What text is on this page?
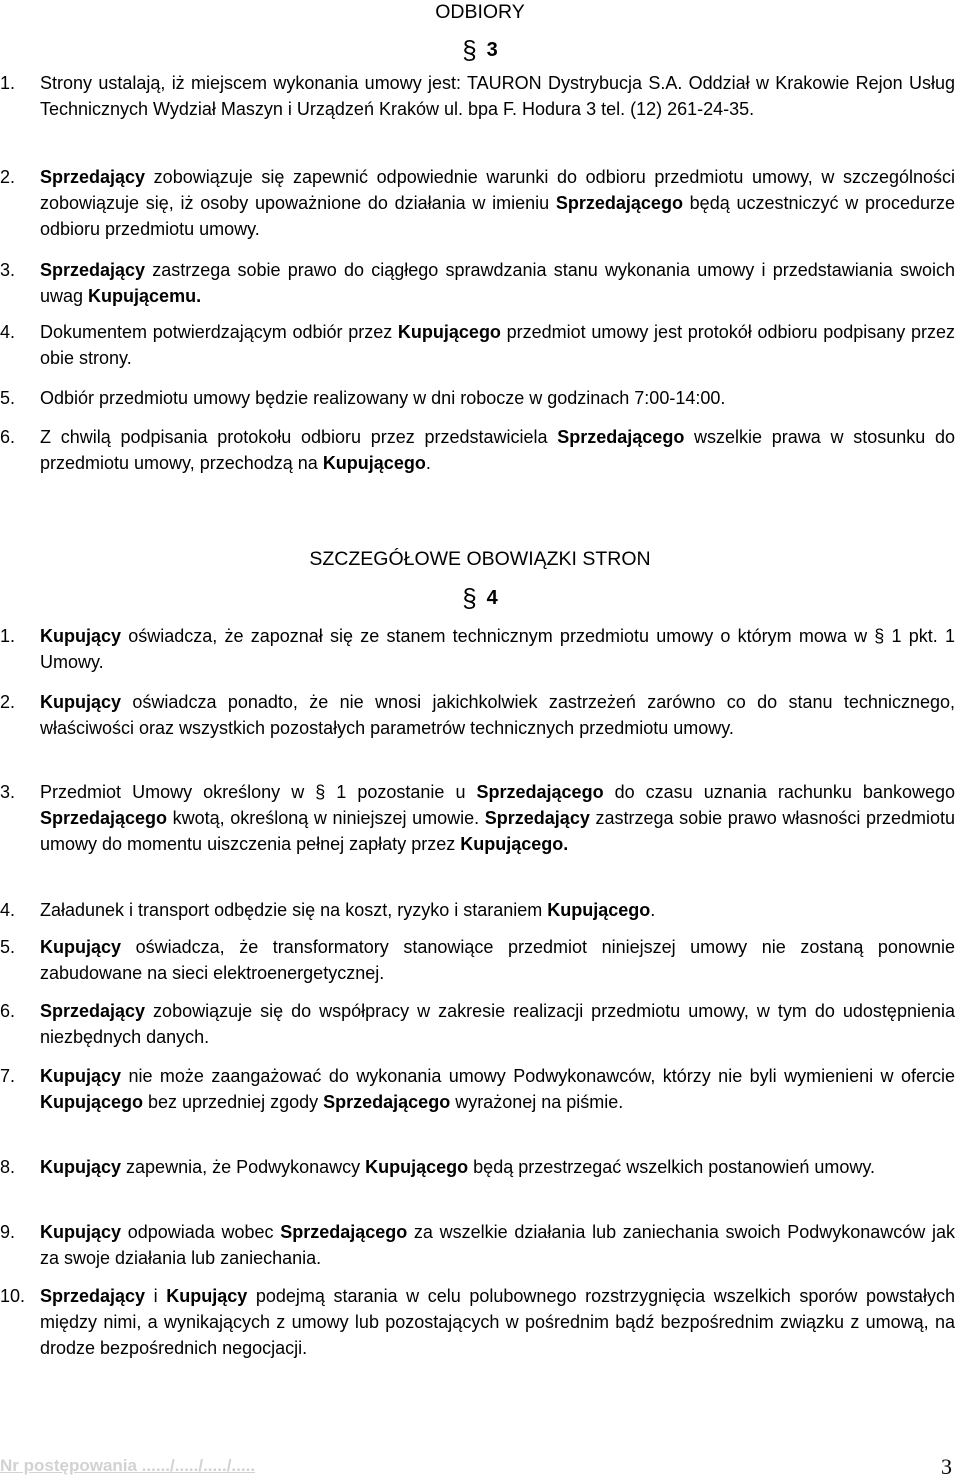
ODBIORY
§ 3
1.	Strony ustalają, iż miejscem wykonania umowy jest: TAURON Dystrybucja S.A. Oddział w Krakowie Rejon Usług Technicznych Wydział Maszyn i Urządzeń Kraków ul. bpa F. Hodura 3 tel. (12) 261-24-35.
2.	Sprzedający zobowiązuje się zapewnić odpowiednie warunki do odbioru przedmiotu umowy, w szczególności zobowiązuje się, iż osoby upoważnione do działania w imieniu Sprzedającego będą uczestniczyć w procedurze odbioru przedmiotu umowy.
3.	Sprzedający zastrzega sobie prawo do ciągłego sprawdzania stanu wykonania umowy i przedstawiania swoich uwag Kupującemu.
4.	Dokumentem potwierdzającym odbiór przez Kupującego przedmiot umowy jest protokół odbioru podpisany przez obie strony.
5.	Odbiór przedmiotu umowy będzie realizowany w dni robocze w godzinach 7:00-14:00.
6.	Z chwilą podpisania protokołu odbioru przez przedstawiciela Sprzedającego wszelkie prawa w stosunku do przedmiotu umowy, przechodzą na Kupującego.
SZCZEGÓŁOWE OBOWIĄZKI STRON
§ 4
1.	Kupujący oświadcza, że zapoznał się ze stanem technicznym przedmiotu umowy o którym mowa w § 1 pkt. 1 Umowy.
2.	Kupujący oświadcza ponadto, że nie wnosi jakichkolwiek zastrzeżeń zarówno co do stanu technicznego, właściwości oraz wszystkich pozostałych parametrów technicznych przedmiotu umowy.
3.	Przedmiot Umowy określony w § 1 pozostanie u Sprzedającego do czasu uznania rachunku bankowego Sprzedającego kwotą, określoną w niniejszej umowie. Sprzedający zastrzega sobie prawo własności przedmiotu umowy do momentu uiszczenia pełnej zapłaty przez Kupującego.
4.	Załadunek i transport odbędzie się na koszt, ryzyko i staraniem Kupującego.
5.	Kupujący oświadcza, że transformatory stanowiące przedmiot niniejszej umowy nie zostaną ponownie zabudowane na sieci elektroenergetycznej.
6.	Sprzedający zobowiązuje się do współpracy w zakresie realizacji przedmiotu umowy, w tym do udostępnienia niezbędnych danych.
7.	Kupujący nie może zaangażować do wykonania umowy Podwykonawców, którzy nie byli wymienieni w ofercie Kupującego bez uprzedniej zgody Sprzedającego wyrażonej na piśmie.
8.	Kupujący zapewnia, że Podwykonawcy Kupującego będą przestrzegać wszelkich postanowień umowy.
9.	Kupujący odpowiada wobec Sprzedającego za wszelkie działania lub zaniechania swoich Podwykonawców jak za swoje działania lub zaniechania.
10. Sprzedający i Kupujący podejmą starania w celu polubownego rozstrzygnięcia wszelkich sporów powstałych między nimi, a wynikających z umowy lub pozostających w pośrednim bądź bezpośrednim związku z umową, na drodze bezpośrednich negocjacji.
Nr postępowania ....../...../...../.....	3
